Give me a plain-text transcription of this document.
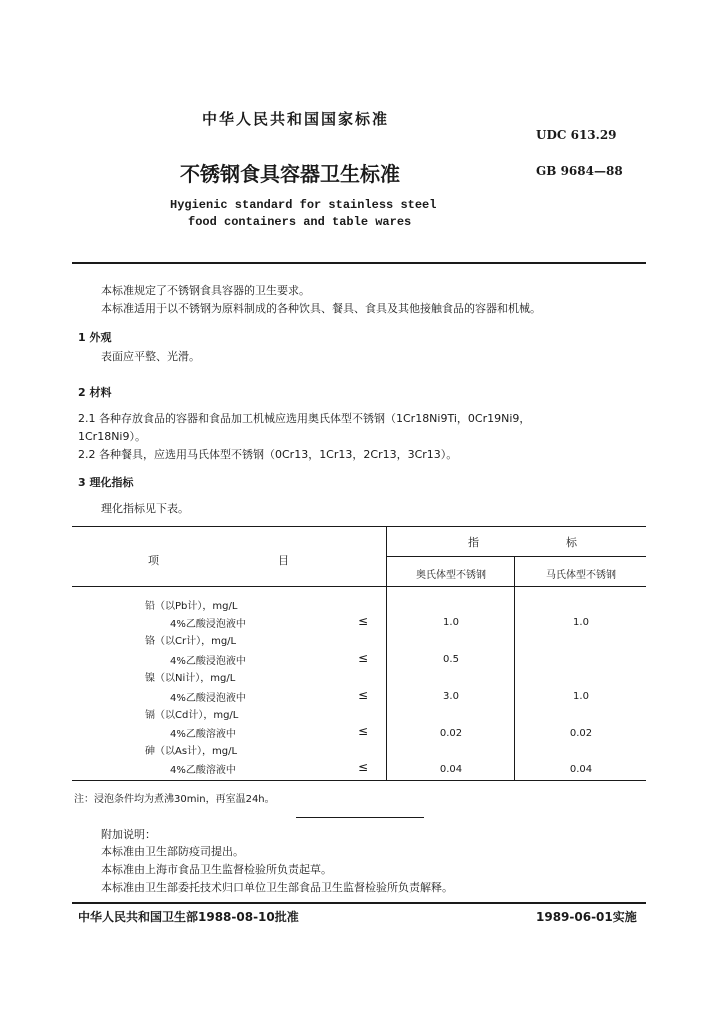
中华人民共和国国家标准
UDC 613.29
不锈钢食具容器卫生标准	GB 9684—88
Hygienic standard for stainless steel
food containers and table wares
本标准规定了不锈钢食具容器的卫生要求。
本标准适用于以不锈钢为原料制成的各种饮具、餐具、食具及其他接触食品的容器和机械。
1 外观
表面应平整、光滑。
2 材料
2.1 各种存放食品的容器和食品加工机械应选用奥氏体型不锈钢（1Cr18Ni9Ti，0Cr19Ni9，
1Cr18Ni9）。
2.2 各种餐具，应选用马氏体型不锈钢（0Cr13，1Cr13，2Cr13，3Cr13）。
3 理化指标
理化指标见下表。
项	目
指	标
奥氏体型不锈钢	马氏体型不锈钢
铅（以Pb计），mg/L
4%乙酸浸泡液中	≤	1.0	1.0
铬（以Cr计），mg/L
4%乙酸浸泡液中	≤	0.5
镍（以Ni计），mg/L
4%乙酸浸泡液中	≤	3.0	1.0
镉（以Cd计），mg/L
4%乙酸溶液中	≤	0.02	0.02
砷（以As计），mg/L
4%乙酸溶液中	≤	0.04	0.04
注：浸泡条件均为煮沸30min，再室温24h。
附加说明：
本标准由卫生部防疫司提出。
本标准由上海市食品卫生监督检验所负责起草。
本标准由卫生部委托技术归口单位卫生部食品卫生监督检验所负责解释。
中华人民共和国卫生部1988-08-10批准	1989-06-01实施
